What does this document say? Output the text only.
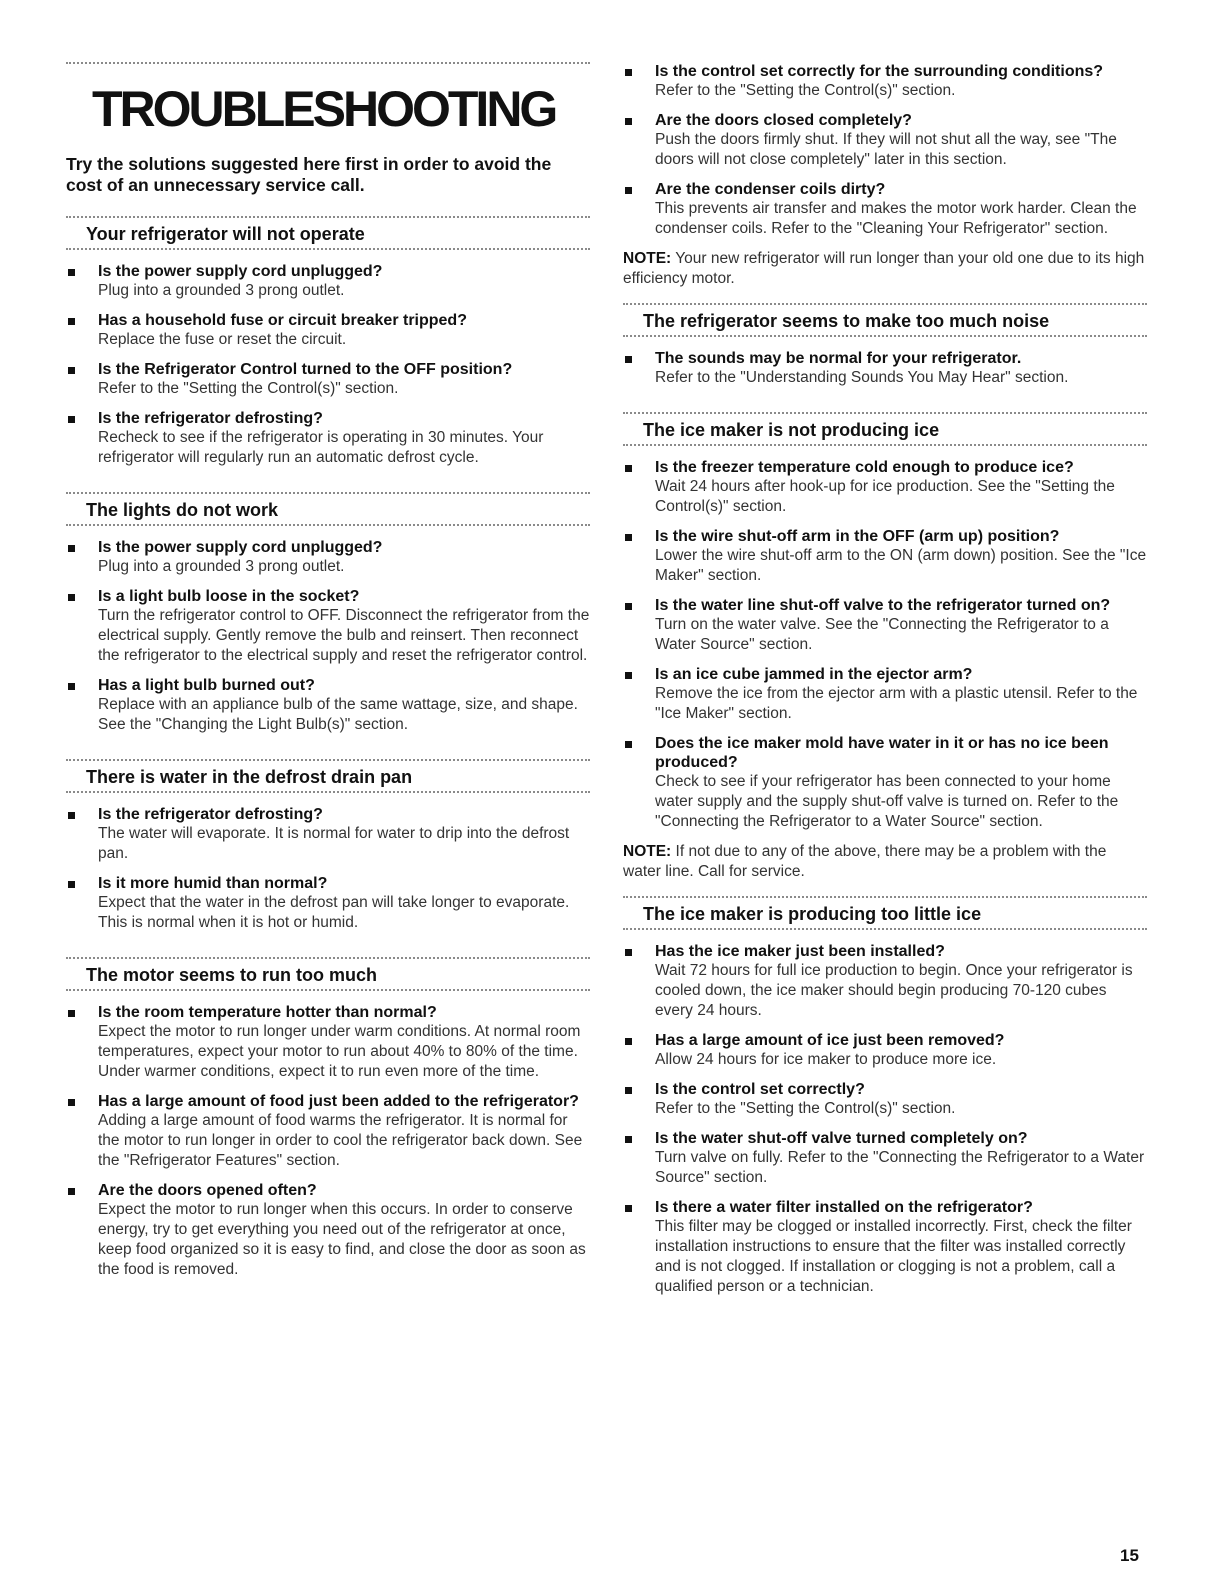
TROUBLESHOOTING
Try the solutions suggested here first in order to avoid the cost of an unnecessary service call.
Your refrigerator will not operate
Is the power supply cord unplugged?
Plug into a grounded 3 prong outlet.
Has a household fuse or circuit breaker tripped?
Replace the fuse or reset the circuit.
Is the Refrigerator Control turned to the OFF position?
Refer to the "Setting the Control(s)" section.
Is the refrigerator defrosting?
Recheck to see if the refrigerator is operating in 30 minutes. Your refrigerator will regularly run an automatic defrost cycle.
The lights do not work
Is the power supply cord unplugged?
Plug into a grounded 3 prong outlet.
Is a light bulb loose in the socket?
Turn the refrigerator control to OFF. Disconnect the refrigerator from the electrical supply. Gently remove the bulb and reinsert. Then reconnect the refrigerator to the electrical supply and reset the refrigerator control.
Has a light bulb burned out?
Replace with an appliance bulb of the same wattage, size, and shape. See the "Changing the Light Bulb(s)" section.
There is water in the defrost drain pan
Is the refrigerator defrosting?
The water will evaporate. It is normal for water to drip into the defrost pan.
Is it more humid than normal?
Expect that the water in the defrost pan will take longer to evaporate. This is normal when it is hot or humid.
The motor seems to run too much
Is the room temperature hotter than normal?
Expect the motor to run longer under warm conditions. At normal room temperatures, expect your motor to run about 40% to 80% of the time. Under warmer conditions, expect it to run even more of the time.
Has a large amount of food just been added to the refrigerator?
Adding a large amount of food warms the refrigerator. It is normal for the motor to run longer in order to cool the refrigerator back down. See the "Refrigerator Features" section.
Are the doors opened often?
Expect the motor to run longer when this occurs. In order to conserve energy, try to get everything you need out of the refrigerator at once, keep food organized so it is easy to find, and close the door as soon as the food is removed.
Is the control set correctly for the surrounding conditions?
Refer to the "Setting the Control(s)" section.
Are the doors closed completely?
Push the doors firmly shut. If they will not shut all the way, see "The doors will not close completely" later in this section.
Are the condenser coils dirty?
This prevents air transfer and makes the motor work harder. Clean the condenser coils. Refer to the "Cleaning Your Refrigerator" section.
NOTE: Your new refrigerator will run longer than your old one due to its high efficiency motor.
The refrigerator seems to make too much noise
The sounds may be normal for your refrigerator.
Refer to the "Understanding Sounds You May Hear" section.
The ice maker is not producing ice
Is the freezer temperature cold enough to produce ice?
Wait 24 hours after hook-up for ice production. See the "Setting the Control(s)" section.
Is the wire shut-off arm in the OFF (arm up) position?
Lower the wire shut-off arm to the ON (arm down) position. See the "Ice Maker" section.
Is the water line shut-off valve to the refrigerator turned on?
Turn on the water valve. See the "Connecting the Refrigerator to a Water Source" section.
Is an ice cube jammed in the ejector arm?
Remove the ice from the ejector arm with a plastic utensil. Refer to the "Ice Maker" section.
Does the ice maker mold have water in it or has no ice been produced?
Check to see if your refrigerator has been connected to your home water supply and the supply shut-off valve is turned on. Refer to the "Connecting the Refrigerator to a Water Source" section.
NOTE: If not due to any of the above, there may be a problem with the water line. Call for service.
The ice maker is producing too little ice
Has the ice maker just been installed?
Wait 72 hours for full ice production to begin. Once your refrigerator is cooled down, the ice maker should begin producing 70-120 cubes every 24 hours.
Has a large amount of ice just been removed?
Allow 24 hours for ice maker to produce more ice.
Is the control set correctly?
Refer to the "Setting the Control(s)" section.
Is the water shut-off valve turned completely on?
Turn valve on fully. Refer to the "Connecting the Refrigerator to a Water Source" section.
Is there a water filter installed on the refrigerator?
This filter may be clogged or installed incorrectly. First, check the filter installation instructions to ensure that the filter was installed correctly and is not clogged. If installation or clogging is not a problem, call a qualified person or a technician.
15
